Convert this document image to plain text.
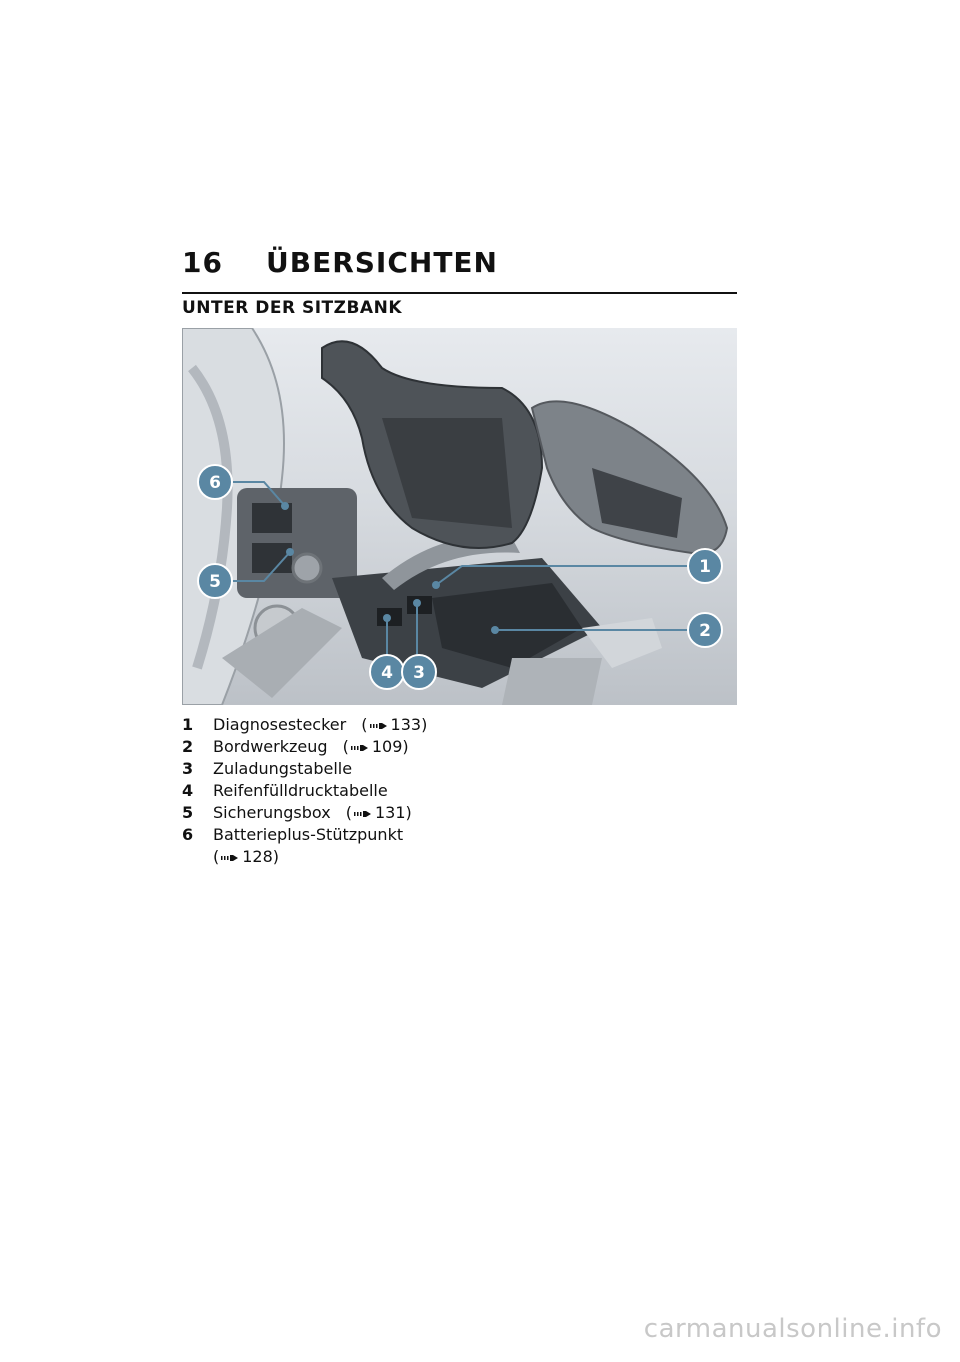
16	ÜBERSICHTEN
UNTER DER SITZBANK
6
5
1
2
4 3
1	Diagnosestecker ( 133)
2	Bordwerkzeug ( 109)
3	Zuladungstabelle
4	Reifenfülldrucktabelle
5	Sicherungsbox ( 131)
6	Batterieplus-Stützpunkt
( 128)
carmanualsonline.info
